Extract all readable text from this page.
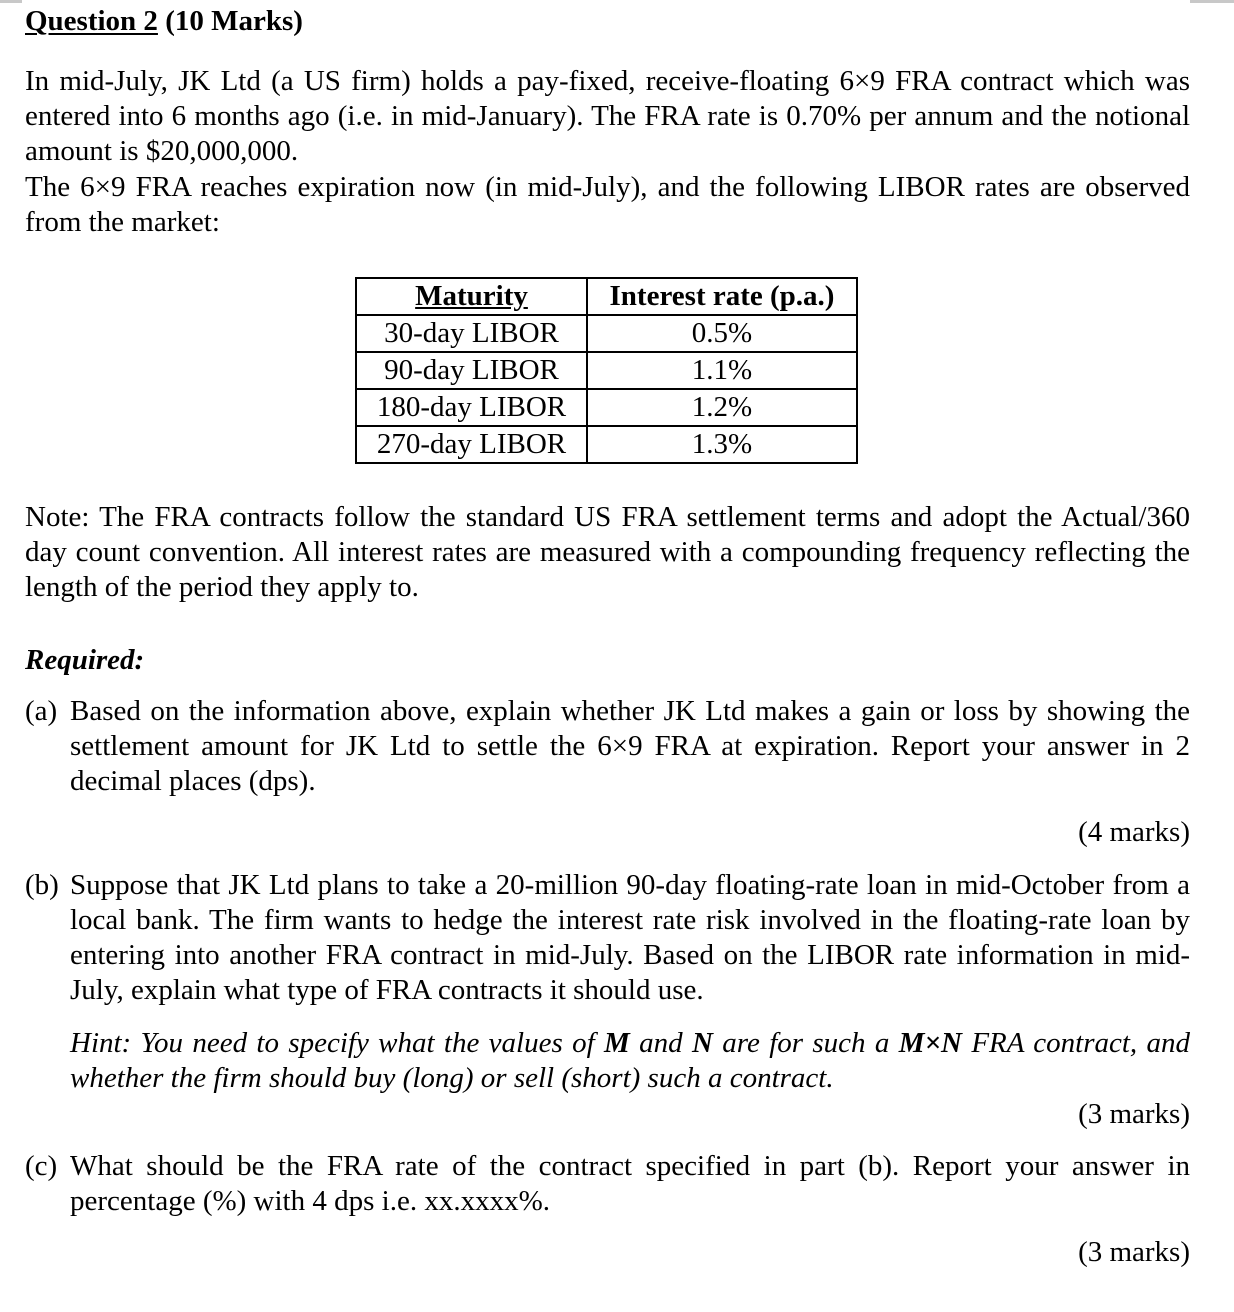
Question 2 (10 Marks)
In mid-July, JK Ltd (a US firm) holds a pay-fixed, receive-floating 6×9 FRA contract which was entered into 6 months ago (i.e. in mid-January). The FRA rate is 0.70% per annum and the notional amount is $20,000,000.
The 6×9 FRA reaches expiration now (in mid-July), and the following LIBOR rates are observed from the market:
Maturity	Interest rate (p.a.)
30-day LIBOR	0.5%
90-day LIBOR	1.1%
180-day LIBOR	1.2%
270-day LIBOR	1.3%
Note: The FRA contracts follow the standard US FRA settlement terms and adopt the Actual/360 day count convention. All interest rates are measured with a compounding frequency reflecting the length of the period they apply to.
Required:
(a) Based on the information above, explain whether JK Ltd makes a gain or loss by showing the settlement amount for JK Ltd to settle the 6×9 FRA at expiration. Report your answer in 2 decimal places (dps).
(4 marks)
(b) Suppose that JK Ltd plans to take a 20-million 90-day floating-rate loan in mid-October from a local bank. The firm wants to hedge the interest rate risk involved in the floating-rate loan by entering into another FRA contract in mid-July. Based on the LIBOR rate information in mid-July, explain what type of FRA contracts it should use.
Hint: You need to specify what the values of M and N are for such a M×N FRA contract, and whether the firm should buy (long) or sell (short) such a contract.
(3 marks)
(c) What should be the FRA rate of the contract specified in part (b). Report your answer in percentage (%) with 4 dps i.e. xx.xxxx%.
(3 marks)
